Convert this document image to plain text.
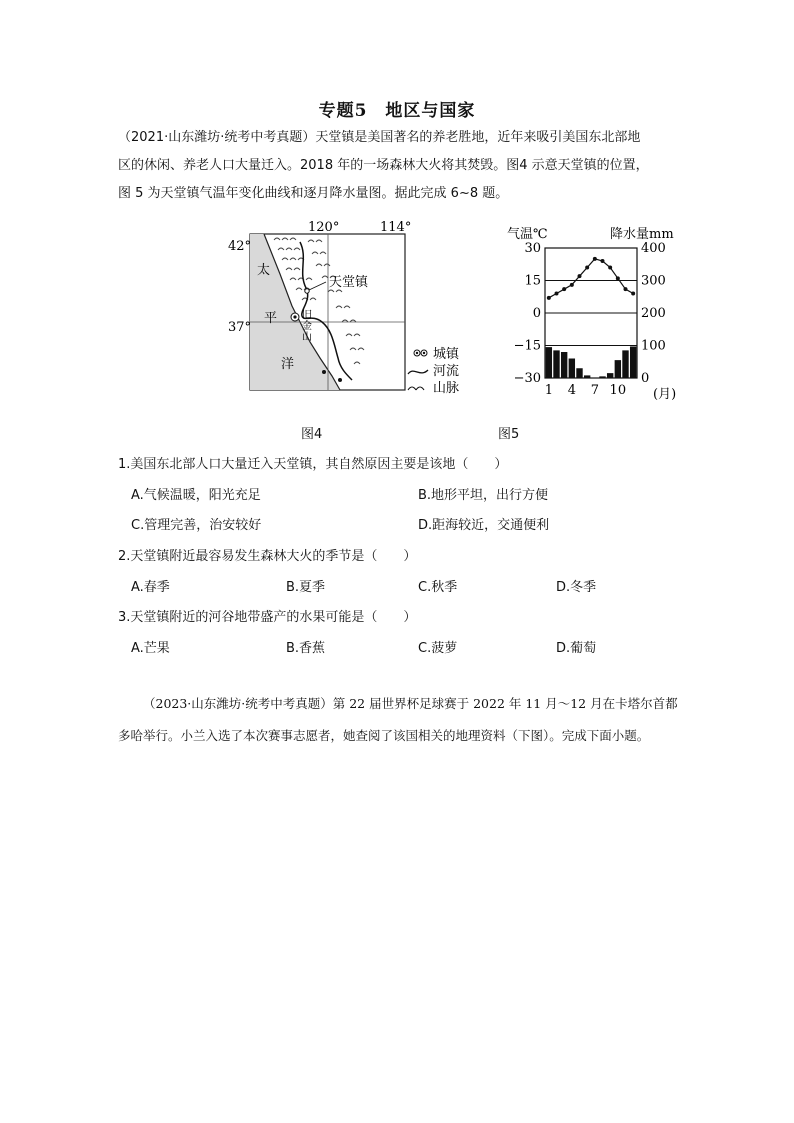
专题5　地区与国家
（2021·山东潍坊·统考中考真题）天堂镇是美国著名的养老胜地，近年来吸引美国东北部地
区的休闲、养老人口大量迁入。2018 年的一场森林大火将其焚毁。图4 示意天堂镇的位置，
图 5 为天堂镇气温年变化曲线和逐月降水量图。据此完成 6~8 题。
42°
37°
120°	114°
太
平
洋
天堂镇
旧
金
山
城镇
河流
山脉
气温℃	降水量mm
(月)
30
15
0
−15
−30
400
300
200
100
0
1 4 7 10
图4	图5
1.美国东北部人口大量迁入天堂镇，其自然原因主要是该地（　　）
A.气候温暖，阳光充足	B.地形平坦，出行方便
C.管理完善，治安较好	D.距海较近，交通便利
2.天堂镇附近最容易发生森林大火的季节是（　　）
A.春季	B.夏季	C.秋季	D.冬季
3.天堂镇附近的河谷地带盛产的水果可能是（　　）
A.芒果	B.香蕉	C.菠萝	D.葡萄
（2023·山东潍坊·统考中考真题）第 22 届世界杯足球赛于 2022 年 11 月～12 月在卡塔尔首都多哈举行。小兰入选了本次赛事志愿者，她查阅了该国相关的地理资料（下图）。完成下面小题。
